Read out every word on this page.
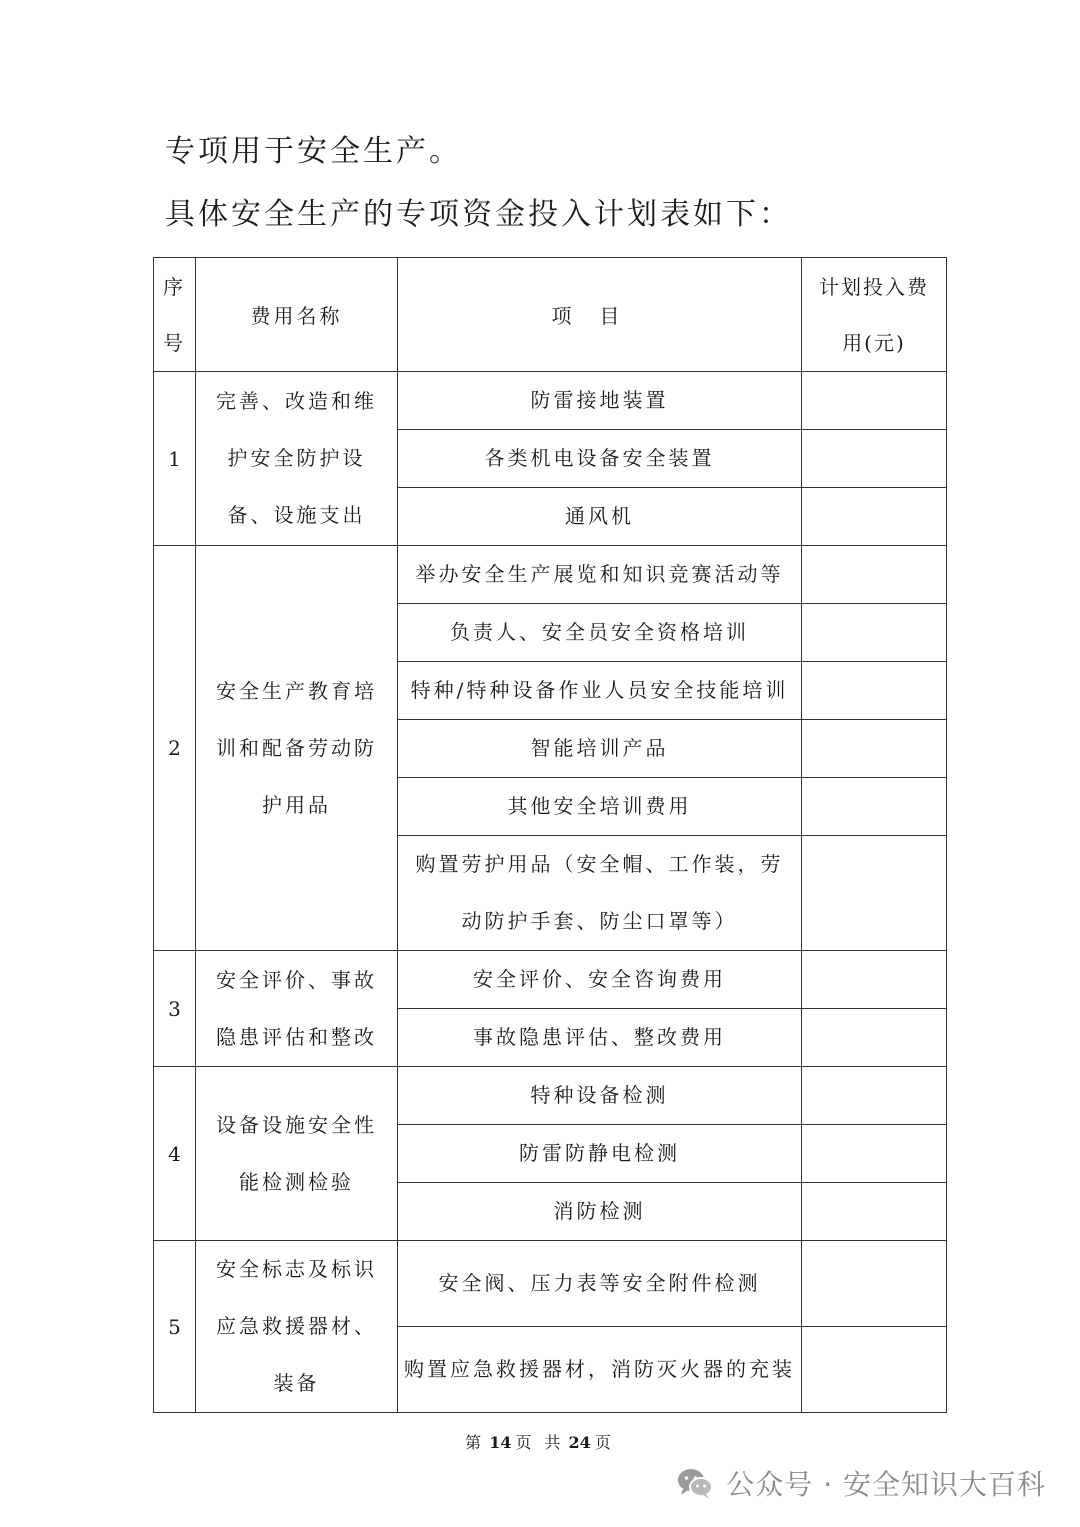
专项用于安全生产。
具体安全生产的专项资金投入计划表如下：
序
号	费用名称	项目	计划投入费
用(元)

1	完善、改造和维护安全防护设备、设施支出	防雷接地装置	

		各类机电设备安全装置	

		通风机	

2	安全生产教育培训和配备劳动防护用品	举办安全生产展览和知识竞赛活动等	

		负责人、安全员安全资格培训	

		特种/特种设备作业人员安全技能培训	

		智能培训产品	

		其他安全培训费用	

		购置劳护用品（安全帽、工作装，劳动防护手套、防尘口罩等）	

3	安全评价、事故隐患评估和整改	安全评价、安全咨询费用	

		事故隐患评估、整改费用	

4	设备设施安全性能检测检验	特种设备检测	

		防雷防静电检测	

		消防检测	

5	安全标志及标识应急救援器材、装备	安全阀、压力表等安全附件检测	

		购置应急救援器材，消防灭火器的充装	

第 14 页 共 24 页
公众号 · 安全知识大百科
